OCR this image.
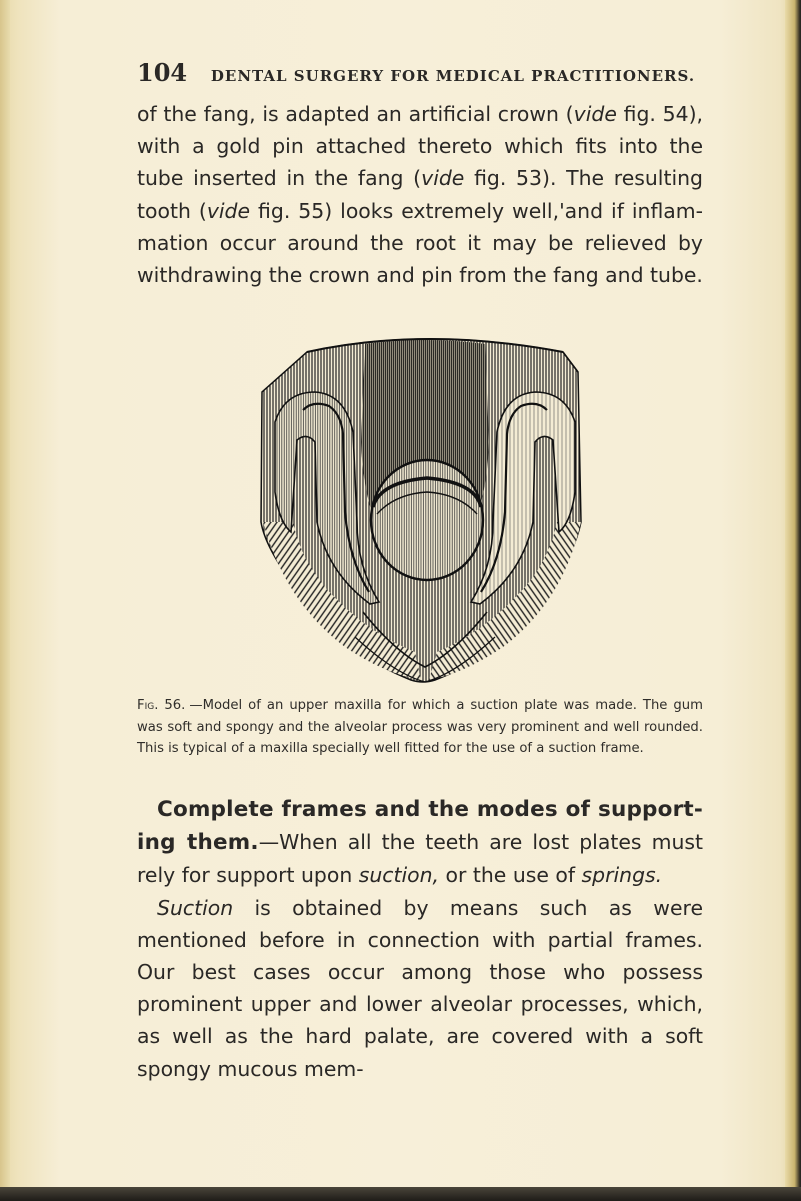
104 DENTAL SURGERY FOR MEDICAL PRACTITIONERS.

of the fang, is adapted an artificial crown (vide fig. 54), with a gold pin attached thereto which fits into the tube inserted in the fang (vide fig. 53). The resulting tooth (vide fig. 55) looks extremely well,'and if inflam-mation occur around the root it may be relieved by withdrawing the crown and pin from the fang and tube.

Fig. 56. —Model of an upper maxilla for which a suction plate was made. The gum was soft and spongy and the alveolar process was very prominent and well rounded. This is typical of a maxilla specially well fitted for the use of a suction frame.

Complete frames and the modes of support-ing them.—When all the teeth are lost plates must rely for support upon suction, or the use of springs.
Suction is obtained by means such as were mentioned before in connection with partial frames. Our best cases occur among those who possess prominent upper and lower alveolar processes, which, as well as the hard palate, are covered with a soft spongy mucous mem-
